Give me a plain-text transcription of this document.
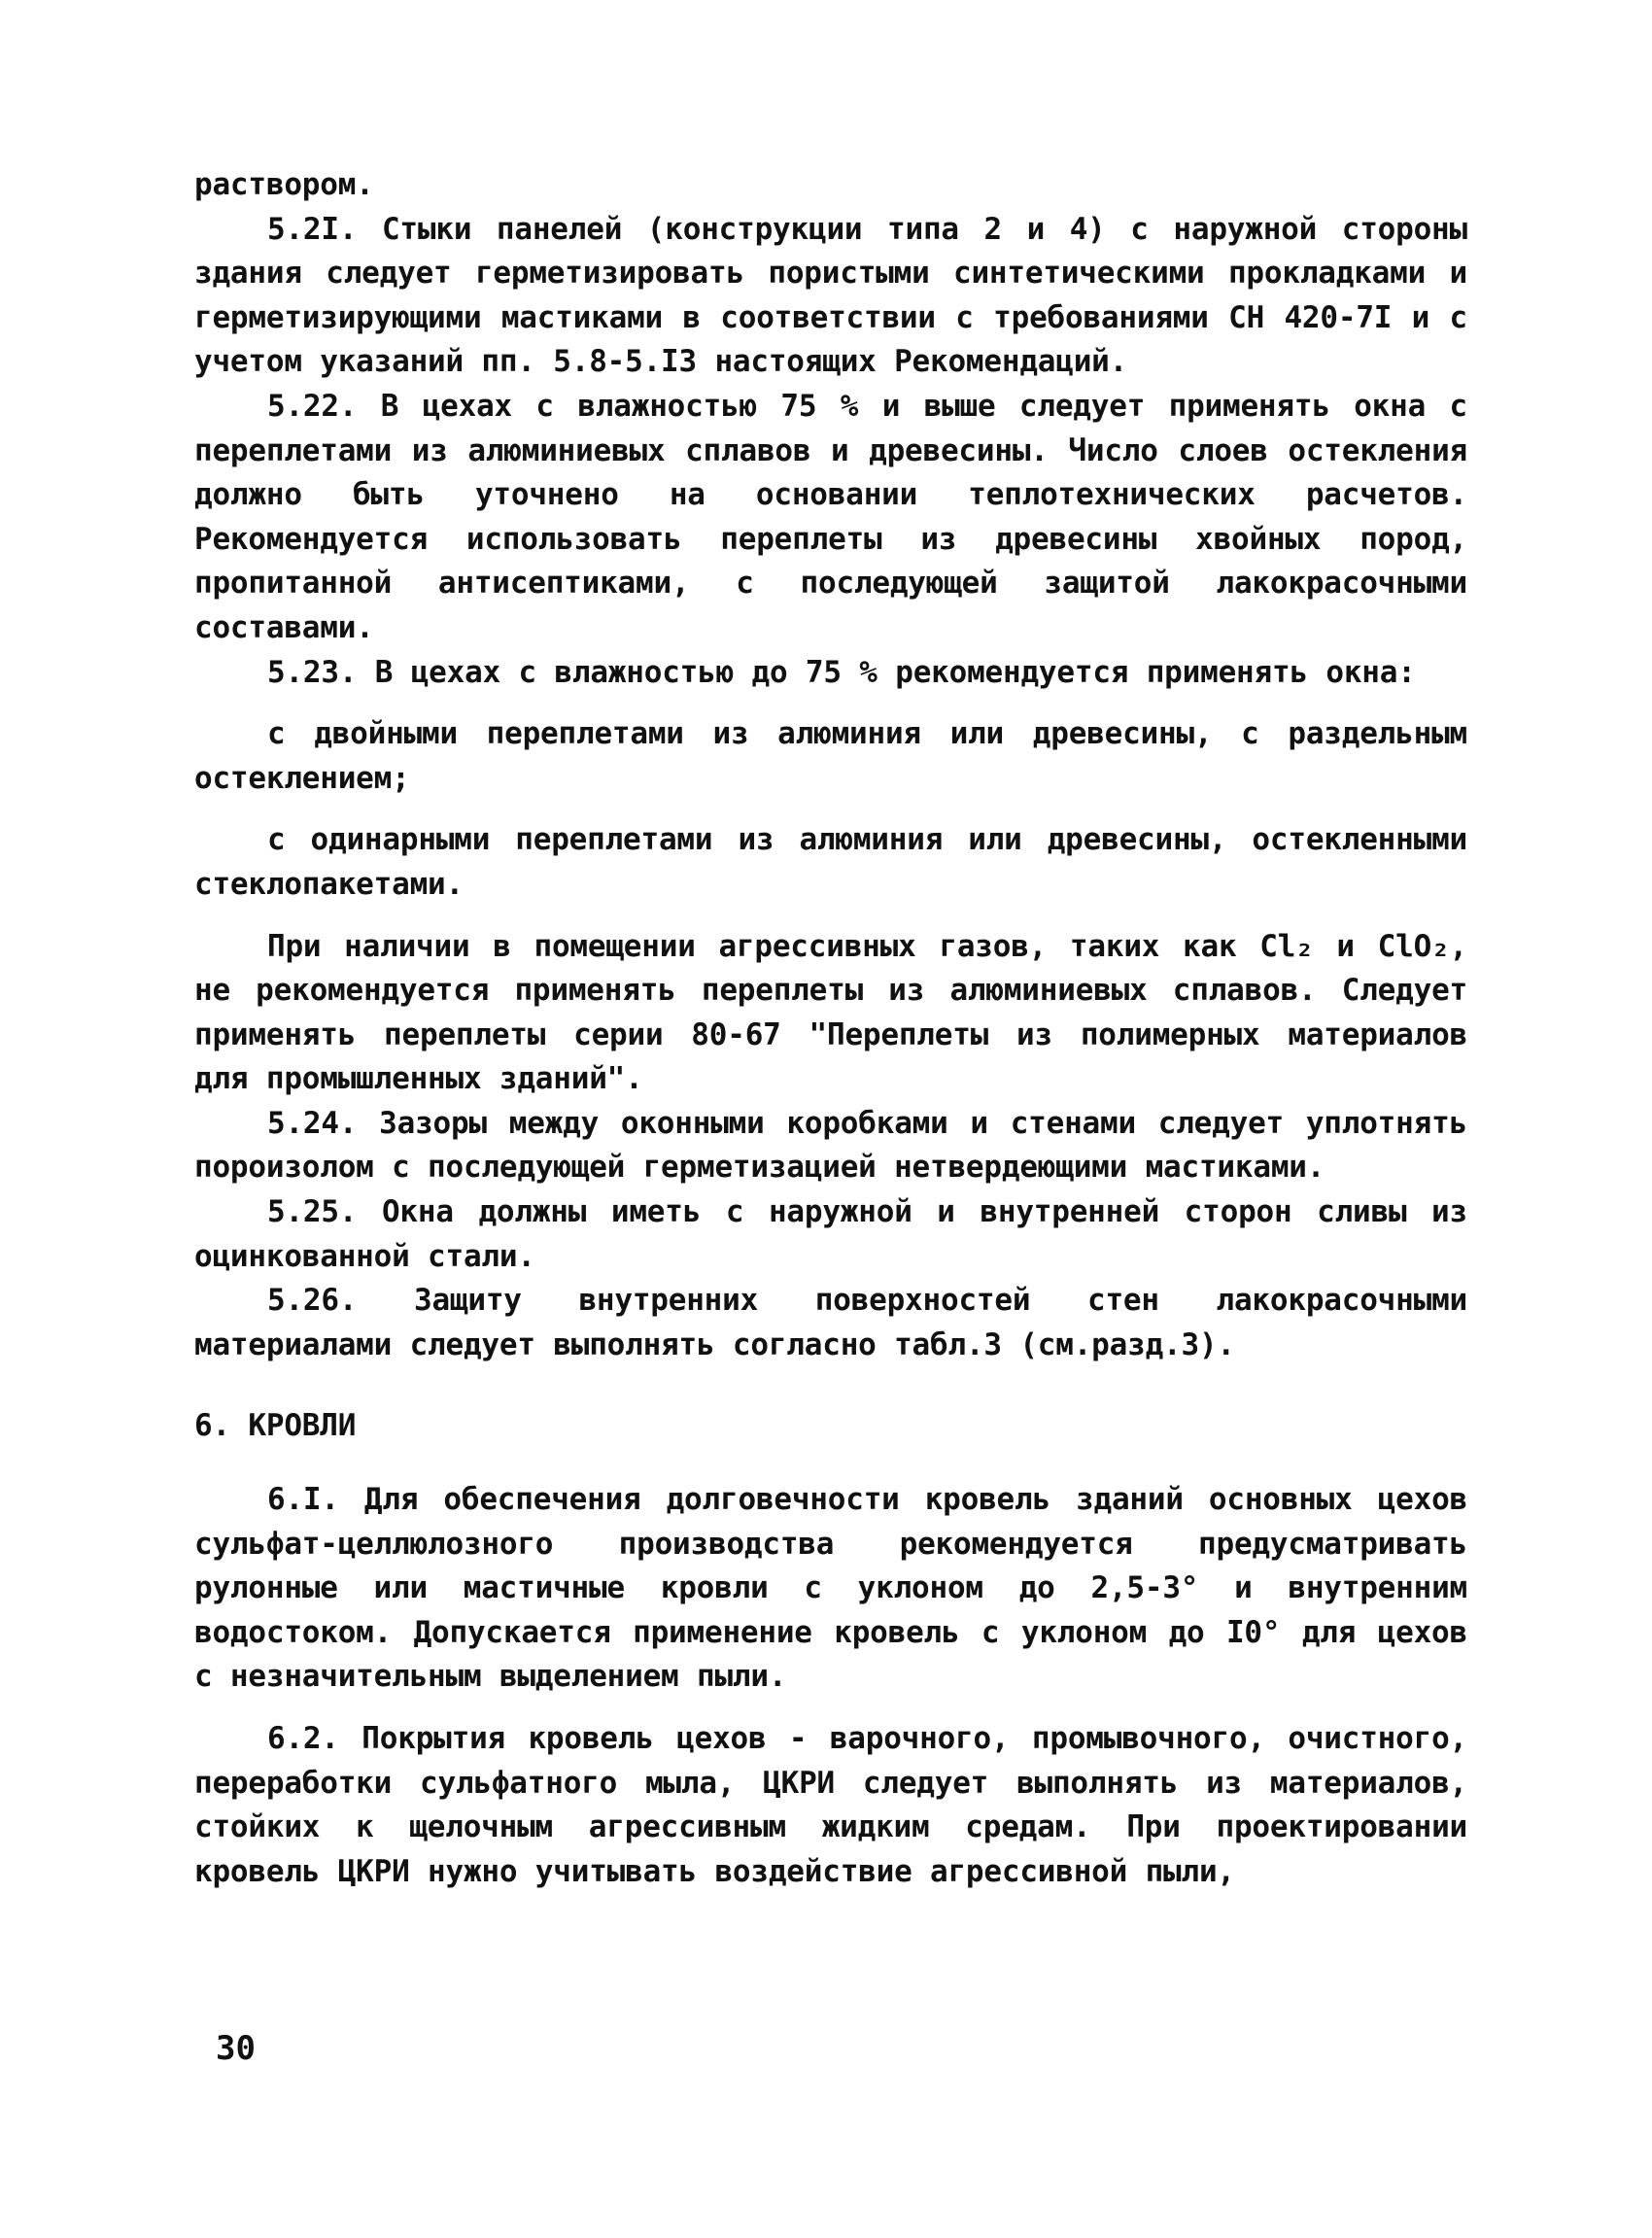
раствором.

5.2I. Стыки панелей (конструкции типа 2 и 4) с наружной стороны здания следует герметизировать пористыми синтетическими прокладками и герметизирующими мастиками в соответствии с требованиями СН 420-7I и с учетом указаний пп. 5.8-5.I3 настоящих Рекомендаций.

5.22. В цехах с влажностью 75 % и выше следует применять окна с переплетами из алюминиевых сплавов и древесины. Число слоев остекления должно быть уточнено на основании теплотехнических расчетов. Рекомендуется использовать переплеты из древесины хвойных пород, пропитанной антисептиками, с последующей защитой лакокрасочными составами.

5.23. В цехах с влажностью до 75 % рекомендуется применять окна:

с двойными переплетами из алюминия или древесины, с раздельным остеклением;

с одинарными переплетами из алюминия или древесины, остекленными стеклопакетами.

При наличии в помещении агрессивных газов, таких как Cl₂ и ClO₂, не рекомендуется применять переплеты из алюминиевых сплавов. Следует применять переплеты серии 80-67 "Переплеты из полимерных материалов для промышленных зданий".

5.24. Зазоры между оконными коробками и стенами следует уплотнять пороизолом с последующей герметизацией нетвердеющими мастиками.

5.25. Окна должны иметь с наружной и внутренней сторон сливы из оцинкованной стали.

5.26. Защиту внутренних поверхностей стен лакокрасочными материалами следует выполнять согласно табл.3 (см.разд.3).

6. КРОВЛИ

6.I. Для обеспечения долговечности кровель зданий основных цехов сульфат-целлюлозного производства рекомендуется предусматривать рулонные или мастичные кровли с уклоном до 2,5-3° и внутренним водостоком. Допускается применение кровель с уклоном до I0° для цехов с незначительным выделением пыли.

6.2. Покрытия кровель цехов - варочного, промывочного, очистного, переработки сульфатного мыла, ЦКРИ следует выполнять из материалов, стойких к щелочным агрессивным жидким средам. При проектировании кровель ЦКРИ нужно учитывать воздействие агрессивной пыли,

30
